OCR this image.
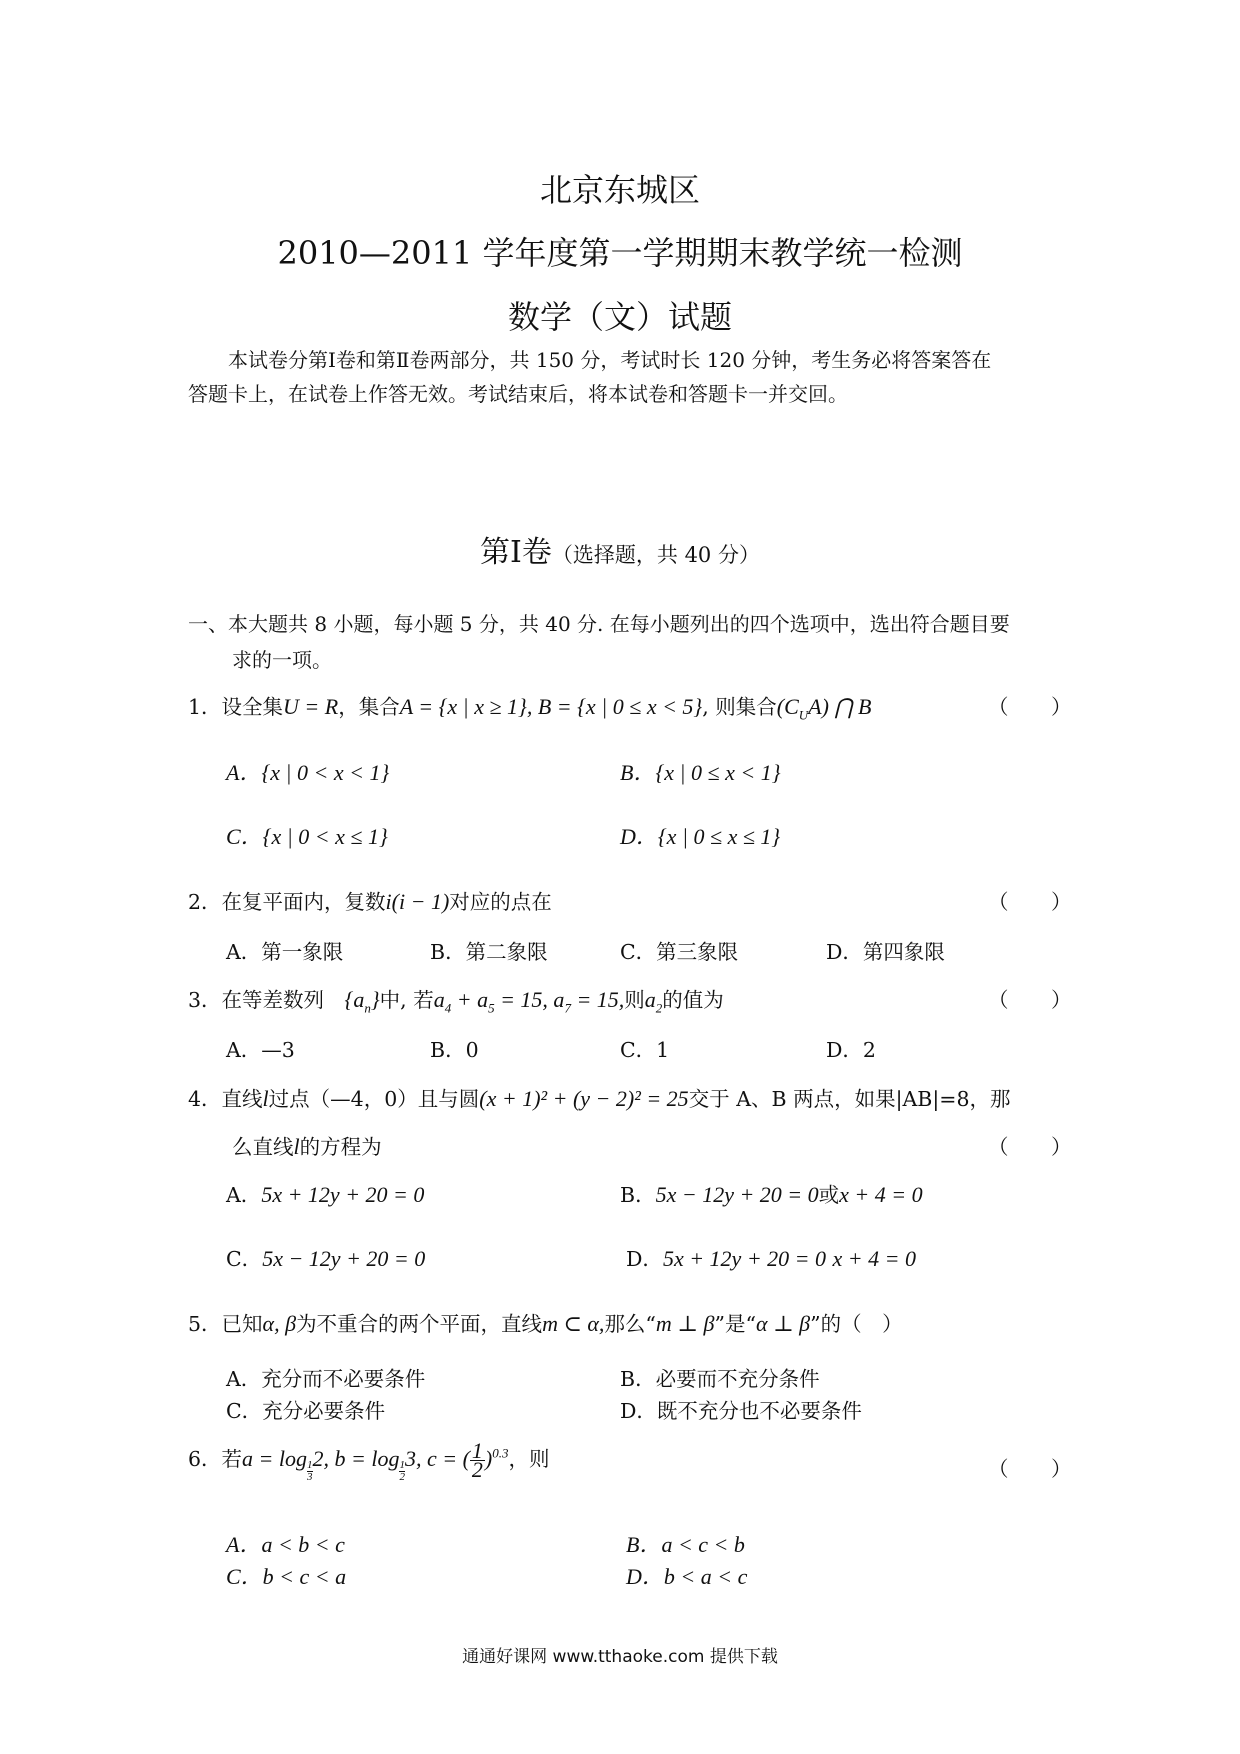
北京东城区
2010—2011 学年度第一学期期末教学统一检测
数学（文）试题
本试卷分第Ⅰ卷和第Ⅱ卷两部分，共 150 分，考试时长 120 分钟，考生务必将答案答在
答题卡上，在试卷上作答无效。考试结束后，将本试卷和答题卡一并交回。
第Ⅰ卷（选择题，共 40 分）
一、本大题共 8 小题，每小题 5 分，共 40 分. 在每小题列出的四个选项中，选出符合题目要
求的一项。
1．设全集U = R，集合A = {x | x ≥ 1}, B = {x | 0 ≤ x < 5}, 则集合$(C_UA)$ ⋂ B	（ ）
A．{x | 0 < x < 1}	B．{x | 0 ≤ x < 1}
C．{x | 0 < x ≤ 1}	D．{x | 0 ≤ x ≤ 1}
2．在复平面内，复数i(i − 1)对应的点在	（ ）
A．第一象限	B．第二象限	C．第三象限	D．第四象限
3．在等差数列　$\{a_n\}$中, 若$a_4 + a_5 = 15$, $a_7 = 15$,则$a_2$的值为	（ ）
A．—3	B．0	C．1	D．2
4．直线l过点（—4，0）且与圆(x + 1)² + (y − 2)² = 25交于 A、B 两点，如果|AB|=8，那
么直线l的方程为	（ ）
A．5x + 12y + 20 = 0	B．5x − 12y + 20 = 0或x + 4 = 0
C．5x − 12y + 20 = 0	D．5x + 12y + 20 = 0 x + 4 = 0
5．已知α, β为不重合的两个平面，直线m ⊂ α,那么“m ⊥ β”是“α ⊥ β”的（　）
A．充分而不必要条件	B．必要而不充分条件
C．充分必要条件	D．既不充分也不必要条件
6．若a = log
$\frac{1}{3}$
2, b = log
$\frac{1}{2}$
3, c = ( $\frac{1}{2} )^{0.3}$，则	（ ）
A．a < b < c	B．a < c < b
C．b < c < a	D．b < a < c
通通好课网 www.tthaoke.com 提供下载
